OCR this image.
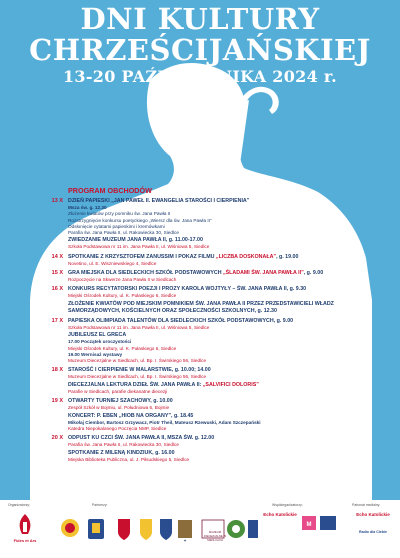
DNI KULTURY

CHRZEŚCIJAŃSKIEJ

13-20 PAŹDZIERNIKA 2024 r.

PROGRAM OBCHODÓW

13 X DZIEŃ PAPIESKI „JAN PAWEŁ II. EWANGELIA STAROŚCI I CIERPIENIA”
Msza św. g. 12.30
Złożenie kwiatów przy pomniku św. Jana Pawła II
Rozstrzygnięcie konkursu poetyckiego „Wiersz dla św. Jana Pawła II”
Odsłonięcie cytatami papieskimi i kremówkami
Parafia św. Jana Pawła II, ul. Rakowiecka 30, Siedlce
ZWIEDZANIE MUZEUM JANA PAWŁA II, g. 11.00-17.00
Szkoła Podstawowa nr 11 im. Jana Pawła II, ul. Wiśniowa 5, Siedlce
14 X SPOTKANIE Z KRZYSZTOFEM ZANUSSIM I POKAZ FILMU „LICZBA DOSKONAŁA”, g. 19.00
Novetino, ul. E. Wiszniewskiego 4, Siedlce
15 X GRA MIEJSKA DLA SIEDLECKICH SZKÓŁ PODSTAWOWYCH „ŚLADAMI ŚW. JANA PAWŁA II”, g. 9.00
Rozpoczęcie na Skwerze Jana Pawła II w Siedlcach
16 X KONKURS RECYTATORSKI POEZJI I PROZY KAROLA WOJTYŁY – ŚW. JANA PAWŁA II, g. 9.30
Miejski Ośrodek Kultury, ul. K. Pułaskiego 6, Siedlce
ZŁOŻENIE KWIATÓW POD MIEJSKIM POMNIKIEM ŚW. JANA PAWŁA II PRZEZ PRZEDSTAWICIELI WŁADZ SAMORZĄDOWYCH, KOŚCIELNYCH ORAZ SPOŁECZNOŚCI SZKOLNYCH, g. 12.30
17 X PAPIESKA OLIMPIADA TALENTÓW DLA SIEDLECKICH SZKÓŁ PODSTAWOWYCH, g. 9.00
Szkoła Podstawowa nr 11 im. Jana Pawła II, ul. Wiśniowa 5, Siedlce
JUBILEUSZ EL GRECA
17.00 Początek uroczystości
Miejski Ośrodek Kultury, ul. K. Pułaskiego 6, Siedlce
19.00 Wernisaż wystawy
Muzeum Diecezjalne w Siedlcach, ul. Bp. I. Świrskiego 56, Siedlce
18 X STAROŚĆ I CIERPIENIE W MALARSTWIE, g. 10.00; 14.00
Muzeum Diecezjalne w Siedlcach, ul. Bp. I. Świrskiego 56, Siedlce
DIECEZJALNA LEKTURA DZIEŁ ŚW. JANA PAWŁA II: „SALVIFICI DOLORIS”
Parafie w Siedlcach, parafie diekanatne diecezji
19 X OTWARTY TURNIEJ SZACHOWY, g. 10.00
Zespół Szkół w Bojmiu, ul. Południowa 6, Bojmie
KONCERT: P. EBEN „HIOB NA ORGANY”, g. 18.45
Mikołaj Ciembor, Bartosz Grzywacz, Piotr Theil, Mateusz Rzewuski, Adam Szczepański
Katedra Niepokalanego Poczęcia NMP, Siedlce
20 X ODPUST KU CZCI ŚW. JANA PAWŁA II, MSZA ŚW. g. 12.00
Parafia św. Jana Pawła II, ul. Rakowiecka 30, Siedlce
SPOTKANIE Z MILENĄ KINDZIUK, g. 16.00
Miejska Biblioteka Publiczna, ul. J. Piłsudskiego 5, Siedlce
Organizatorzy:	Partnerzy:	Współorganizatorzy:	Patronat medialny:
Fides et Ars	✦
MUZEUM DIECEZJALNE W SIEDLCACH
Echo Katolickie
M
Echo Katolickie
Radio dla Ciebie
